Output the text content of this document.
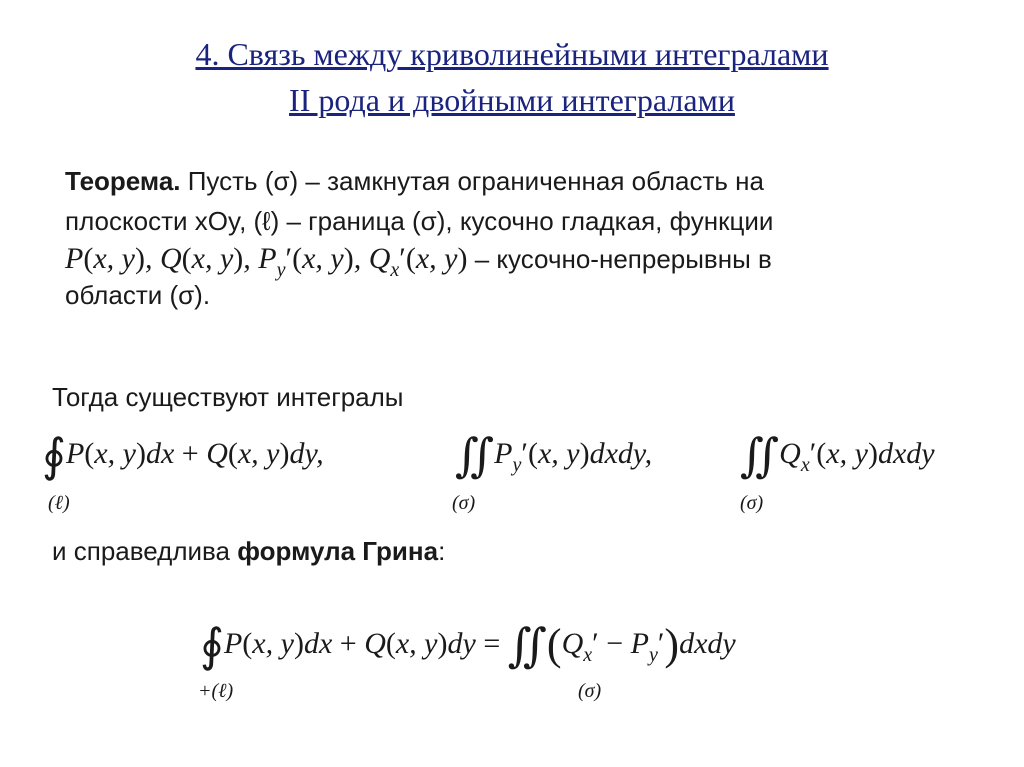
4. Связь между криволинейными интегралами
II рода и двойными интегралами
Теорема. Пусть (σ) – замкнутая ограниченная область на
плоскости xOy, (ℓ) – граница (σ), кусочно гладкая, функции
P(x, y), Q(x, y), $P_y'(x$, y), $Q_x'(x$, y) – кусочно-непрерывны в
области (σ).
Тогда существуют интегралы
∮P(x, y)dx + Q(x, y)dy,
(ℓ)
$∬P_y'(x$, y)dxdy,
(σ)
$∬Q_x'(x$, y)dxdy
(σ)
и справедлива формула Грина:
∮P(x, y)dx + Q(x, $y)dy = ∬(Q_x'$ − $P_y')dxdy$
+(ℓ)	(σ)
